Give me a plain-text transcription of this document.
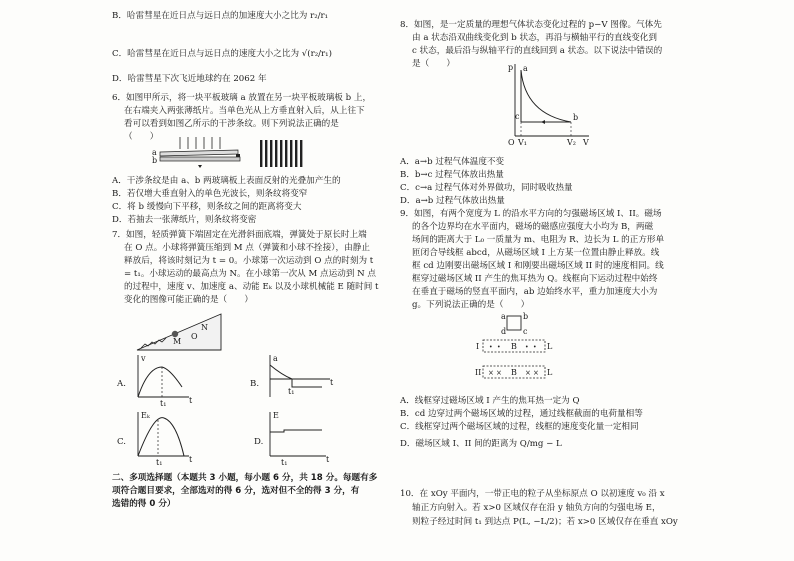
B．哈雷彗星在近日点与远日点的加速度大小之比为 r₂/r₁
C．哈雷彗星在近日点与远日点的速度大小之比为 √(r₂/r₁)
D．哈雷彗星下次飞近地球约在 2062 年
6．如图甲所示，将一块平板玻璃 a 放置在另一块平板玻璃板 b 上，
在右端夹入两张薄纸片。当单色光从上方垂直射入后，从上往下
看可以看到如图乙所示的干涉条纹。则下列说法正确的是
（　　）
a
b
A．干涉条纹是由 a、b 两玻璃板上表面反射的光叠加产生的
B．若仅增大垂直射入的单色光波长，则条纹将变窄
C．将 b 缓慢向下平移，则条纹之间的距离将变大
D．若抽去一张薄纸片，则条纹将变密
7．如图，轻质弹簧下端固定在光滑斜面底端，弹簧处于原长时上端
在 O 点。小球将弹簧压缩到 M 点（弹簧和小球不拴接），由静止
释放后，将该时刻记为 t = 0。小球第一次运动到 O 点的时刻为 t
= t₁。小球运动的最高点为 N。在小球第一次从 M 点运动到 N 点
的过程中，速度 v、加速度 a、动能 Eₖ 以及小球机械能 E 随时间 t
变化的图像可能正确的是（　　）
M
O
N
A.
v
t₁	t
B.
a
t₁
t
C.
Eₖ
t₁	t
D.
E
t₁	t
二、多项选择题（本题共 3 小题，每小题 6 分，共 18 分。每题有多
项符合题目要求，全部选对的得 6 分，选对但不全的得 3 分，有
选错的得 0 分）
8．如图，是一定质量的理想气体状态变化过程的 p−V 图像。气体先
由 a 状态沿双曲线变化到 b 状态，再沿与横轴平行的直线变化到
c 状态，最后沿与纵轴平行的直线回到 a 状态。以下说法中错误的
是（　　）	p
V
O V₁	V₂
a
b
c
A．a→b 过程气体温度不变
B．b→c 过程气体放出热量
C．c→a 过程气体对外界做功，同时吸收热量
D．a→b 过程气体放出热量
9．如图，有两个宽度为 L 的沿水平方向的匀强磁场区域 I、II。磁场
的各个边界均在水平面内，磁场的磁感应强度大小均为 B，两磁
场间的距离大于 L₀ 一质量为 m、电阻为 R、边长为 L 的正方形单
匝闭合导线框 abcd，从磁场区域 I 上方某一位置由静止释放。线
框 cd 边刚要出磁场区域 I 和刚要出磁场区域 II 时的速度相同。线
框穿过磁场区域 II 产生的焦耳热为 Q。线框向下运动过程中始终
在垂直于磁场的竖直平面内，ab 边始终水平，重力加速度大小为
g。下列说法正确的是（　　）
a b
d c
I	L
B
• •	• •
II	L
B
× ×	× ×
A．线框穿过磁场区域 I 产生的焦耳热一定为 Q
B．cd 边穿过两个磁场区域的过程，通过线框截面的电荷量相等
C．线框穿过两个磁场区域的过程，线框的速度变化量一定相同
D．磁场区域 I、II 间的距离为 Q/mg − L
10．在 xOy 平面内，一带正电的粒子从坐标原点 O 以初速度 v₀ 沿 x
轴正方向射入。若 x>0 区域仅存在沿 y 轴负方向的匀强电场 E，
则粒子经过时间 t₁ 到达点 P(L, −L/2)；若 x>0 区域仅存在垂直 xOy
